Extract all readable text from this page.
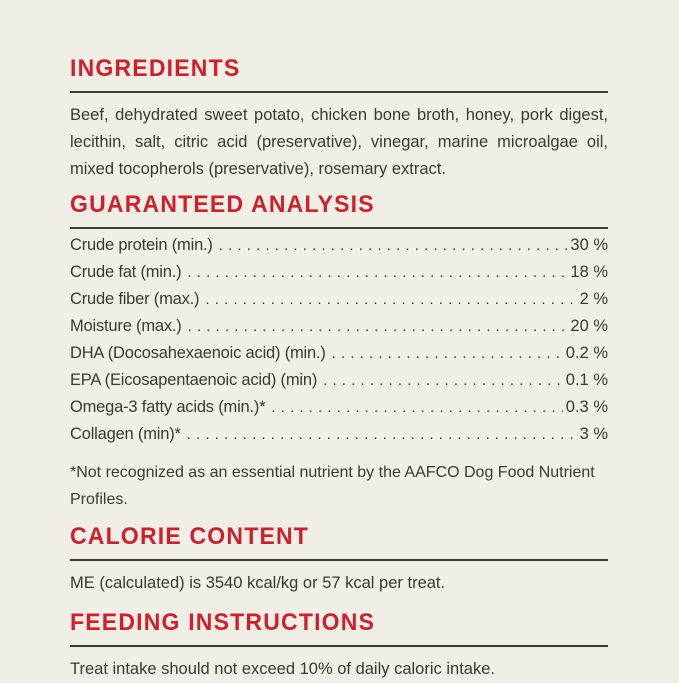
INGREDIENTS

Beef, dehydrated sweet potato, chicken bone broth, honey, pork digest, lecithin, salt, citric acid (preservative), vinegar, marine microalgae oil, mixed tocopherols (preservative), rosemary extract.

GUARANTEED ANALYSIS
Crude protein (min.) . . .	30 %
Crude fat (min.) . . .	18 %
Crude fiber (max.) . . .	2 %
Moisture (max.) . . .	20 %
DHA (Docosahexaenoic acid) (min.) . . .	0.2 %
EPA (Eicosapentaenoic acid) (min) . . .	0.1 %
Omega-3 fatty acids (min.)* . . .	0.3 %
Collagen (min)* . . .	3 %

*Not recognized as an essential nutrient by the AAFCO Dog Food Nutrient Profiles.

CALORIE CONTENT

ME (calculated) is 3540 kcal/kg or 57 kcal per treat.

FEEDING INSTRUCTIONS

Treat intake should not exceed 10% of daily caloric intake.
